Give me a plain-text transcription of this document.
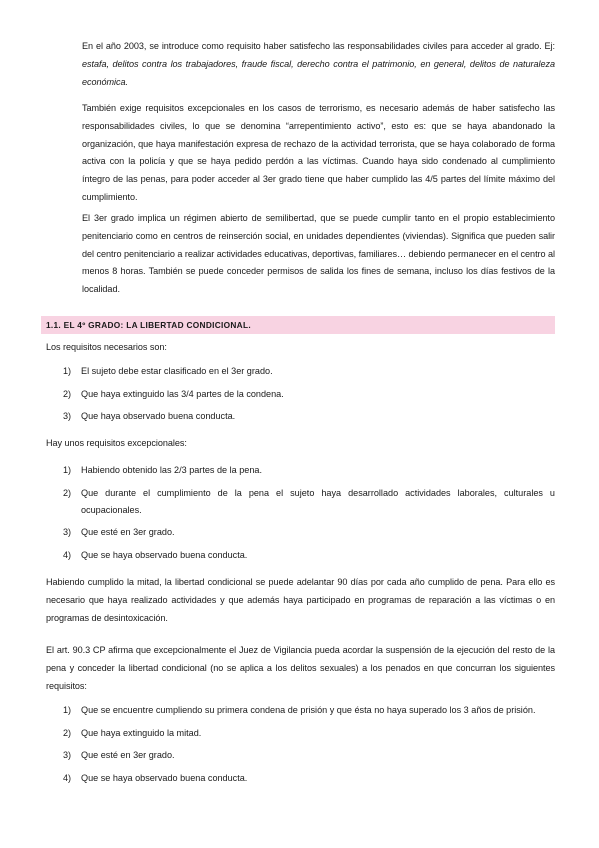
En el año 2003, se introduce como requisito haber satisfecho las responsabilidades civiles para acceder al grado. Ej: estafa, delitos contra los trabajadores, fraude fiscal, derecho contra el patrimonio, en general, delitos de naturaleza económica.

También exige requisitos excepcionales en los casos de terrorismo, es necesario además de haber satisfecho las responsabilidades civiles, lo que se denomina “arrepentimiento activo”, esto es: que se haya abandonado la organización, que haya manifestación expresa de rechazo de la actividad terrorista, que se haya colaborado de forma activa con la policía y que se haya pedido perdón a las víctimas. Cuando haya sido condenado al cumplimiento íntegro de las penas, para poder acceder al 3er grado tiene que haber cumplido las 4/5 partes del límite máximo del cumplimiento.

El 3er grado implica un régimen abierto de semilibertad, que se puede cumplir tanto en el propio establecimiento penitenciario como en centros de reinserción social, en unidades dependientes (viviendas). Significa que pueden salir del centro penitenciario a realizar actividades educativas, deportivas, familiares… debiendo permanecer en el centro al menos 8 horas. También se puede conceder permisos de salida los fines de semana, incluso los días festivos de la localidad.

1.1. EL 4º GRADO: LA LIBERTAD CONDICIONAL.

Los requisitos necesarios son:

1) El sujeto debe estar clasificado en el 3er grado.
2) Que haya extinguido las 3/4 partes de la condena.
3) Que haya observado buena conducta.

Hay unos requisitos excepcionales:

1) Habiendo obtenido las 2/3 partes de la pena.
2) Que durante el cumplimiento de la pena el sujeto haya desarrollado actividades laborales, culturales u ocupacionales.
3) Que esté en 3er grado.
4) Que se haya observado buena conducta.

Habiendo cumplido la mitad, la libertad condicional se puede adelantar 90 días por cada año cumplido de pena. Para ello es necesario que haya realizado actividades y que además haya participado en programas de reparación a las víctimas o en programas de desintoxicación.

El art. 90.3 CP afirma que excepcionalmente el Juez de Vigilancia pueda acordar la suspensión de la ejecución del resto de la pena y conceder la libertad condicional (no se aplica a los delitos sexuales) a los penados en que concurran los siguientes requisitos:

1) Que se encuentre cumpliendo su primera condena de prisión y que ésta no haya superado los 3 años de prisión.
2) Que haya extinguido la mitad.
3) Que esté en 3er grado.
4) Que se haya observado buena conducta.
